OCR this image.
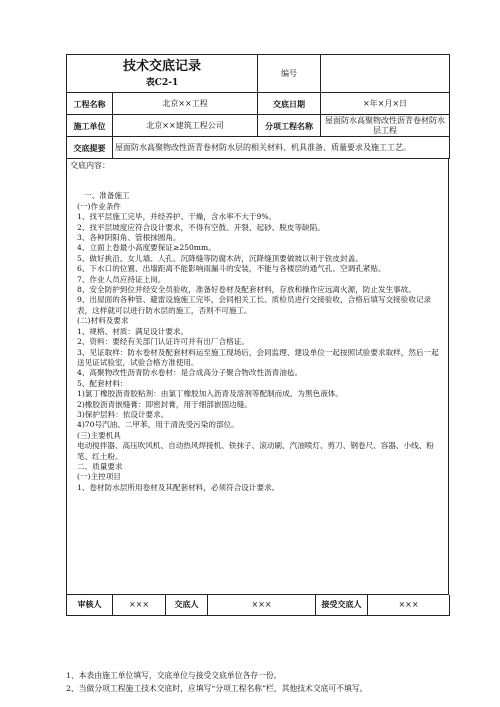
技术交底记录
表C2-1		编号	
工程名称	北京××工程	交底日期	×年×月×日
施工单位	北京××建筑工程公司	分项工程名称	屋面防水高聚物改性沥青卷材防水层工程
交底提要	屋面防水高聚物改性沥青卷材防水层的相关材料、机具准备、质量要求及施工工艺。		

交底内容：

一、准备施工

(一)作业条件

1、找平层施工完毕，并经养护、干燥，含水率不大于9%。

2、找平层坡度应符合设计要求，不得有空鼓、开裂、起砂、脱皮等缺陷。

3、各种阴阳角、管根抹圆角。

4、立面上卷最小高度要保证≥250mm。

5、做好挑沿、女儿墙、人孔、沉降缝等防腐木砖，沉降缝顶要做坡以利于铁皮封盖。

6、下水口的位置、出墙距离不能影响雨漏斗的安装，不能与各楼层的通气孔、空调孔紧贴。

7、作业人员应持证上岗。

8、安全防护到位并经安全员验收，准备好卷材及配套材料，存放和操作应远离火源，防止发生事故。

9、出屋面的各种管、避雷设施施工完毕，会同相关工长、质检员进行交接验收，合格后填写交接验收记录表，这样就可以进行防水层的施工，否则不可施工。

(二)材料及要求

1、规格、材质：满足设计要求。

2、资料：要经有关部门认证许可并有出厂合格证。

3、见证取样：防水卷材及配套材料运至施工现场后，会同监理、建设单位一起按照试验要求取样，然后一起送见证试验室，试验合格方准使用。

4、高聚物改性沥青防水卷材：是合成高分子聚合物改性沥青油毡。

5、配套材料：

1)氯丁橡胶沥青胶粘剂：由氯丁橡胶加入沥青及溶剂等配制而成，为黑色液体。

2)橡胶沥青嵌缝膏：即密封膏，用于细部嵌固边缝。

3)保护层料：依设计要求。

4)70号汽油、二甲苯，用于清洗受污染的部位。

(三)主要机具

电动搅拌器、高压吹风机、自动热风焊接机、铁抹子、滚动刷、汽油喷灯、剪刀、钢卷尺、容器、小线、粉笔、红土粉。

二、质量要求

(一)主控项目

1、卷材防水层所用卷材及其配套材料，必须符合设计要求。

审核人	×××	交底人	×××	接受交底人	×××

1、本表由施工单位填写，交底单位与接受交底单位各存一份。

2、当做分项工程施工技术交底时，应填写“分项工程名称”栏，其他技术交底可不填写。
